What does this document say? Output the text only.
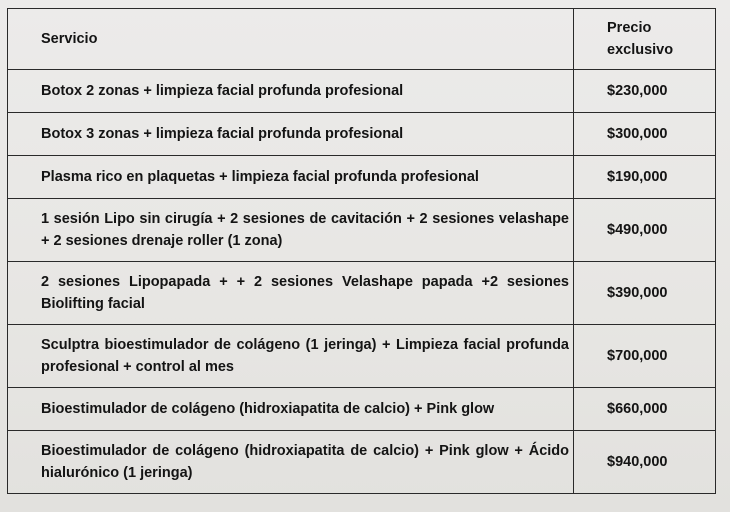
Servicio	Precio
exclusivo

Botox 2 zonas + limpieza facial profunda profesional	$230,000
Botox 3 zonas + limpieza facial profunda profesional	$300,000
Plasma rico en plaquetas + limpieza facial profunda profesional	$190,000
1 sesión Lipo sin cirugía + 2 sesiones de cavitación + 2 sesiones velashape + 2 sesiones drenaje roller (1 zona)	$490,000
2 sesiones Lipopapada + + 2 sesiones Velashape papada +2 sesiones Biolifting facial	$390,000
Sculptra bioestimulador de colágeno (1 jeringa) + Limpieza facial profunda profesional + control al mes	$700,000
Bioestimulador de colágeno (hidroxiapatita de calcio) + Pink glow	$660,000
Bioestimulador de colágeno (hidroxiapatita de calcio) + Pink glow + Ácido hialurónico (1 jeringa)	$940,000
